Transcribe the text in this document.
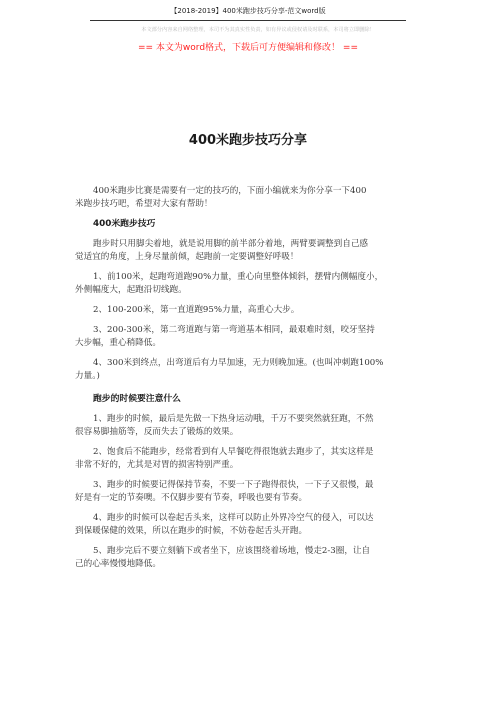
【2018-2019】400米跑步技巧分享-范文word版
本文部分内容来自网络整理，本司不为其真实性负责，如有异议或侵权请及时联系，本司将立即删除！
== 本文为word格式，下载后可方便编辑和修改！ ==
400米跑步技巧分享

400米跑步比赛是需要有一定的技巧的，下面小编就来为你分享一下400

米跑步技巧吧，希望对大家有帮助！

400米跑步技巧

跑步时只用脚尖着地，就是说用脚的前半部分着地，两臂要调整到自己感

觉适宜的角度，上身尽量前倾，起跑前一定要调整好呼吸！

1、前100米，起跑弯道跑90%力量，重心向里整体倾斜，摆臂内侧幅度小，

外侧幅度大，起跑沿切线跑。

2、100-200米，第一直道跑95%力量，高重心大步。

3、200-300米，第二弯道跑与第一弯道基本相同，最艰难时刻，咬牙坚持

大步幅，重心稍降低。

4、300米到终点，出弯道后有力早加速，无力则晚加速。(也叫冲刺跑100%

力量。)

跑步的时候要注意什么

1、跑步的时候，最后是先做一下热身运动哦，千万不要突然就狂跑，不然

很容易脚抽筋等，反而失去了锻炼的效果。

2、饱食后不能跑步，经常看到有人早餐吃得很饱就去跑步了，其实这样是

非常不好的，尤其是对胃的损害特别严重。

3、跑步的时候要记得保持节奏，不要一下子跑得很快，一下子又很慢，最

好是有一定的节奏噢。不仅脚步要有节奏，呼吸也要有节奏。

4、跑步的时候可以卷起舌头来，这样可以防止外界冷空气的侵入，可以达

到保暖保健的效果，所以在跑步的时候，不妨卷起舌头开跑。

5、跑步完后不要立刻躺下或者坐下，应该围绕着场地，慢走2-3圈，让自

己的心率慢慢地降低。
